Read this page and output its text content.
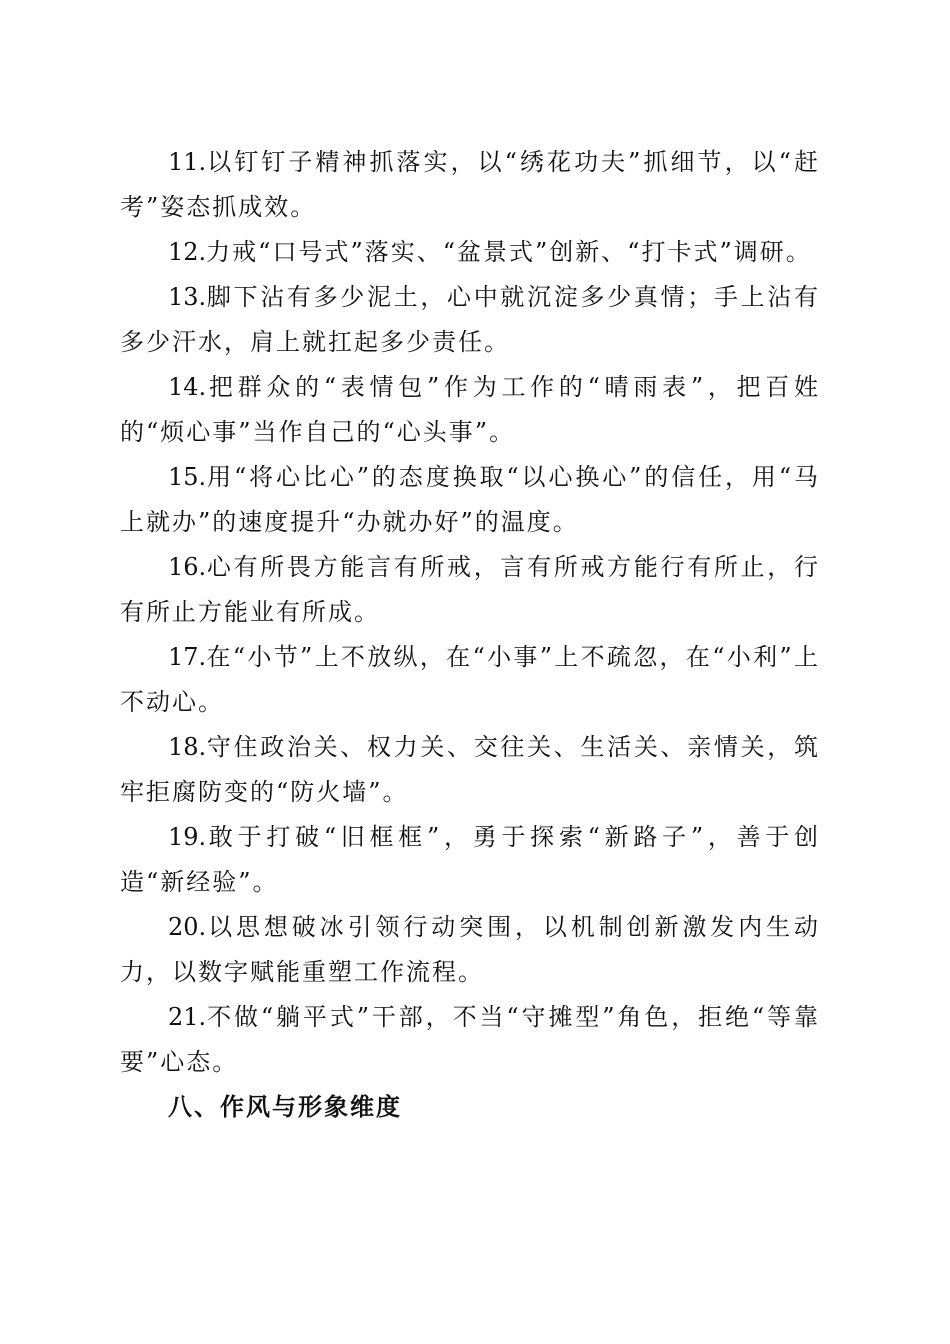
11.以钉钉子精神抓落实，以“绣花功夫”抓细节，以“赶考”姿态抓成效。

12.力戒“口号式”落实、“盆景式”创新、“打卡式”调研。

13.脚下沾有多少泥土，心中就沉淀多少真情；手上沾有多少汗水，肩上就扛起多少责任。

14.把群众的“表情包”作为工作的“晴雨表”，把百姓的“烦心事”当作自己的“心头事”。

15.用“将心比心”的态度换取“以心换心”的信任，用“马上就办”的速度提升“办就办好”的温度。

16.心有所畏方能言有所戒，言有所戒方能行有所止，行有所止方能业有所成。

17.在“小节”上不放纵，在“小事”上不疏忽，在“小利”上不动心。

18.守住政治关、权力关、交往关、生活关、亲情关，筑牢拒腐防变的“防火墙”。

19.敢于打破“旧框框”，勇于探索“新路子”，善于创造“新经验”。

20.以思想破冰引领行动突围，以机制创新激发内生动力，以数字赋能重塑工作流程。

21.不做“躺平式”干部，不当“守摊型”角色，拒绝“等靠要”心态。

八、作风与形象维度
